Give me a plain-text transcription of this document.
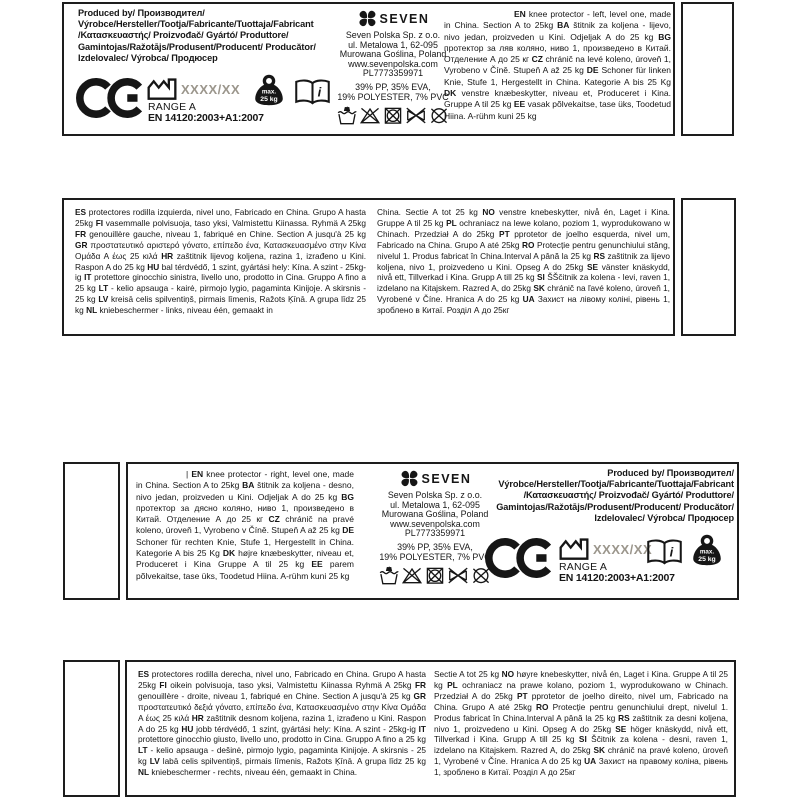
Produced by/ Производител/
Výrobce/Hersteller/Tootja/Fabricante/Tuottaja/Fabricant
/Κατασκευαστής/ Proizvođač/ Gyártó/ Produttore/
Gamintojas/Ražotājs/Produsent/Producent/ Producător/
Izdelovalec/ Výrobca/ Продюсер
XXXX/XX
RANGE A
EN 14120:2003+A1:2007
max.
25 kg	i
SEVEN
Seven Polska Sp. z o.o.
ul. Metalowa 1, 62-095
Murowana Goślina, Poland
www.sevenpolska.com
PL7773359971
39% PP, 35% EVA,
19% POLYESTER, 7% PVC
EN knee protector - left, level one, made in China. Section A to 25kg BA štitnik za koljena - lijevo, nivo jedan, proizveden u Kini. Odjeljak A do 25 kg BG протектор за ляв коляно, ниво 1, произведено в Китай. Отделение А до 25 кг CZ chránič na levé koleno, úroveň 1, Vyrobeno v Číně. Stupeň A až 25 kg DE Schoner für linken Knie, Stufe 1, Hergestellt in China. Kategorie A bis 25 Kg DK venstre knæbeskytter, niveau et, Produceret i Kina. Gruppe A til 25 kg EE vasak põlvekaitse, tase üks, Toodetud Hiina. A-rühm kuni 25 kg
ES protectores rodilla izquierda, nivel uno, Fabricado en China. Grupo A hasta 25kg FI vasemmalle polvisuoja, taso yksi, Valmistettu Kiinassa. Ryhmä A 25kg FR genouillère gauche, niveau 1, fabriqué en Chine. Section A jusqu'à 25 kg GR προστατευτικό αριστερό γόνατο, επίπεδο ένα, Κατασκευασμένο στην Κίνα Ομάδα Α έως 25 κιλά HR zaštitnik lijevog koljena, razina 1, izrađeno u Kini. Raspon A do 25 kg HU bal térdvédő, 1 szint, gyártási hely: Kína. A szint - 25kg-ig IT protettore ginocchio sinistra, livello uno, prodotto in Cina. Gruppo A fino a 25 kg LT - kelio apsauga - kairė, pirmojo lygio, pagaminta Kinijoje. A skirsnis - 25 kg LV kreisā celis spilventiņš, pirmais līmenis, Ražots Ķīnā. A grupa līdz 25 kg NL kniebeschermer - links, niveau één, gemaakt in
China. Sectie A tot 25 kg NO venstre knebeskytter, nivå én, Laget i Kina. Gruppe A til 25 kg PL ochraniacz na lewe kolano, poziom 1, wyprodukowano w Chinach. Przedział A do 25kg PT pprotetor de joelho esquerda, nivel um, Fabricado na China. Grupo A até 25kg RO Protecție pentru genunchiului stâng, nivelul 1. Produs fabricat în China.Interval A până la 25 kg RS zaštitnik za lijevo koljena, nivo 1, proizvedeno u Kini. Opseg A do 25kg SE vänster knäskydd, nivå ett, Tillverkad i Kina. Grupp A till 25 kg SI ŠŠčitnik za kolena - levi, raven 1, izdelano na Kitajskem. Razred A, do 25kg SK chránič na ľavé koleno, úroveň 1, Vyrobené v Číne. Hranica A do 25 kg UA Захист на лівому коліні, рівень 1, зроблено в Китаї. Розділ А до 25кг
| EN knee protector - right, level one, made in China. Section A to 25kg BA štitnik za koljena - desno, nivo jedan, proizveden u Kini. Odjeljak A do 25 kg BG протектор за дясно коляно, ниво 1, произведено в Китай. Отделение А до 25 кг CZ chránič na pravé koleno, úroveň 1, Vyrobeno v Číně. Stupeň A až 25 kg DE Schoner für rechten Knie, Stufe 1, Hergestellt in China. Kategorie A bis 25 Kg DK højre knæbeskytter, niveau et, Produceret i Kina Gruppe A til 25 kg EE parem põlvekaitse, tase üks, Toodetud Hiina. A-rühm kuni 25 kg
SEVEN
Seven Polska Sp. z o.o.
ul. Metalowa 1, 62-095
Murowana Goślina, Poland
www.sevenpolska.com
PL7773359971
39% PP, 35% EVA,
19% POLYESTER, 7% PVC
Produced by/ Производител/
Výrobce/Hersteller/Tootja/Fabricante/Tuottaja/Fabricant
/Κατασκευαστής/ Proizvođač/ Gyártó/ Produttore/
Gamintojas/Ražotājs/Produsent/Producent/ Producător/
Izdelovalec/ Výrobca/ Продюсер
XXXX/XX
RANGE A
EN 14120:2003+A1:2007
i	max.
25 kg
ES protectores rodilla derecha, nivel uno, Fabricado en China. Grupo A hasta 25kg FI oikein polvisuoja, taso yksi, Valmistettu Kiinassa Ryhmä A 25kg FR genouillère - droite, niveau 1, fabriqué en Chine. Section A jusqu'à 25 kg GR προστατευτικό δεξιά γόνατο, επίπεδο ένα, Κατασκευασμένο στην Κίνα Ομάδα Α έως 25 κιλά HR zaštitnik desnom koljena, razina 1, izrađeno u Kini. Raspon A do 25 kg HU jobb térdvédő, 1 szint, gyártási hely: Kína. A szint - 25kg-ig IT protettore ginocchio giusto, livello uno, prodotto in Cina. Gruppo A fino a 25 kg LT - kelio apsauga - dešinė, pirmojo lygio, pagaminta Kinijoje. A skirsnis - 25 kg LV labā celis spilventiņš, pirmais līmenis, Ražots Ķīnā. A grupa līdz 25 kg NL kniebeschermer - rechts, niveau één, gemaakt in China.
Sectie A tot 25 kg NO høyre knebeskytter, nivå én, Laget i Kina. Gruppe A til 25 kg PL ochraniacz na prawe kolano, poziom 1, wyprodukowano w Chinach. Przedział A do 25kg PT pprotetor de joelho direito, nivel um, Fabricado na China. Grupo A até 25kg RO Protecție pentru genunchiului drept, nivelul 1. Produs fabricat în China.Interval A până la 25 kg RS zaštitnik za desni koljena, nivo 1, proizvedeno u Kini. Opseg A do 25kg SE höger knäskydd, nivå ett, Tillverkad i Kina. Grupp A till 25 kg SI Ščitnik za kolena - desni, raven 1, izdelano na Kitajskem. Razred A, do 25kg SK chránič na pravé koleno, úroveň 1, Vyrobené v Číne. Hranica A do 25 kg UA Захист на правому коліна, рівень 1, зроблено в Китаї. Розділ А до 25кг
